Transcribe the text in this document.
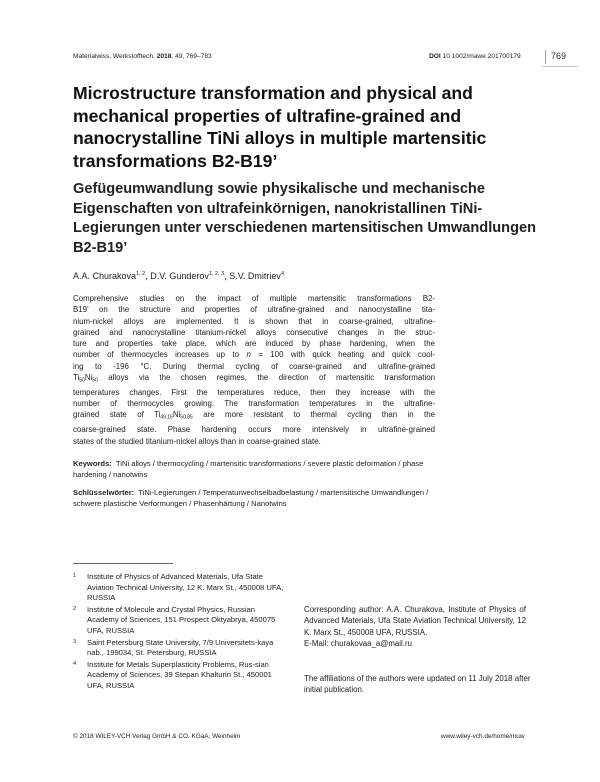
Materialwiss. Werkstofftech. 2018, 49, 769–783	DOI 10.1002/mawe.201700179	769
Microstructure transformation and physical and mechanical properties of ultrafine-grained and nanocrystalline TiNi alloys in multiple martensitic transformations B2-B19’
Gefügeumwandlung sowie physikalische und mechanische Eigenschaften von ultrafeinkörnigen, nanokristallinen TiNi-Legierungen unter verschiedenen martensitischen Umwandlungen B2-B19’
A.A. Churakova$^{1, 2}$, D.V. Gunderov$^{1, 2, 3}$, S.V. Dmitriev$^4$
Comprehensive studies on the impact of multiple martensitic transformations B2-
B19’ on the structure and properties of ultrafine-grained and nanocrystalline tita-
nium-nickel alloys are implemented. It is shown that in coarse-grained, ultrafine-
grained and nanocrystalline titanium-nickel alloys consecutive changes in the struc-
ture and properties take place, which are induced by phase hardening, when the
number of thermocycles increases up to n = 100 with quick heating and quick cool-
ing to -196 °C. During thermal cycling of coarse-grained and ultrafine-grained
$Ti_{50}Ni_{50}$ alloys via the chosen regimes, the direction of martensitic transformation
temperatures changes. First the temperatures reduce, then they increase with the
number of thermocycles growing. The transformation temperatures in the ultrafine-
grained state of $Ti_{49.15}Ni_{50.85}$ are more resistant to thermal cycling than in the
coarse-grained state. Phase hardening occurs more intensively in ultrafine-grained
states of the studied titanium-nickel alloys than in coarse-grained state.
Keywords: TiNi alloys / thermocycling / martensitic transformations / severe plastic deformation / phase hardening / nanotwins
Schlüsselwörter: TiNi-Legierungen / Temperaturwechselbadbelastung / martensitische Umwandlungen / schwere plastische Verformungen / Phasenhärtung / Nanotwins
1 Institute of Physics of Advanced Materials, Ufa State Aviation Technical University, 12 K. Marx St., 450008 UFA, RUSSIA
2 Institute of Molecule and Crystal Physics, Russian Academy of Sciences, 151 Prospect Oktyabrya, 450075 UFA, RUSSIA
3 Saint Petersburg State University, 7/9 Universitets-kaya nab., 199034, St. Petersburg, RUSSIA
4 Institute for Metals Superplasticity Problems, Rus-sian Academy of Sciences, 39 Stepan Khalturin St., 450001 UFA, RUSSIA
Corresponding author: A.A. Churakova, Institute of Physics of Advanced Materials, Ufa State Aviation Technical University, 12 K. Marx St., 450008 UFA, RUSSIA,
E-Mail: churakovaa_a@mail.ru
The affiliations of the authors were updated on 11 July 2018 after initial publication.
© 2018 WILEY-VCH Verlag GmbH & CO. KGaA, Weinheim	www.wiley-vch.de/home/muw
